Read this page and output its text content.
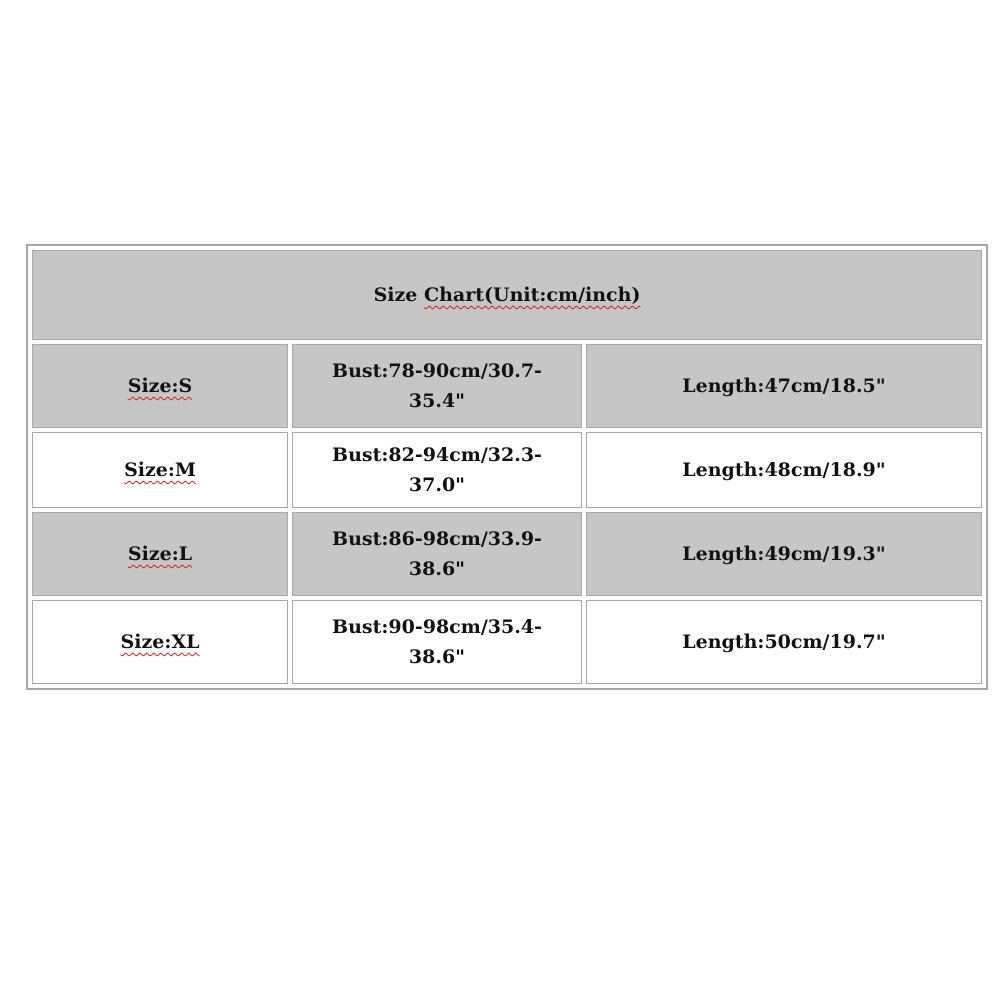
Size Chart(Unit:cm/inch)		
Size:S	Bust:78-90cm/30.7-35.4"	Length:47cm/18.5"
Size:M	Bust:82-94cm/32.3-37.0"	Length:48cm/18.9"
Size:L	Bust:86-98cm/33.9-38.6"	Length:49cm/19.3"
Size:XL	Bust:90-98cm/35.4-38.6"	Length:50cm/19.7"
